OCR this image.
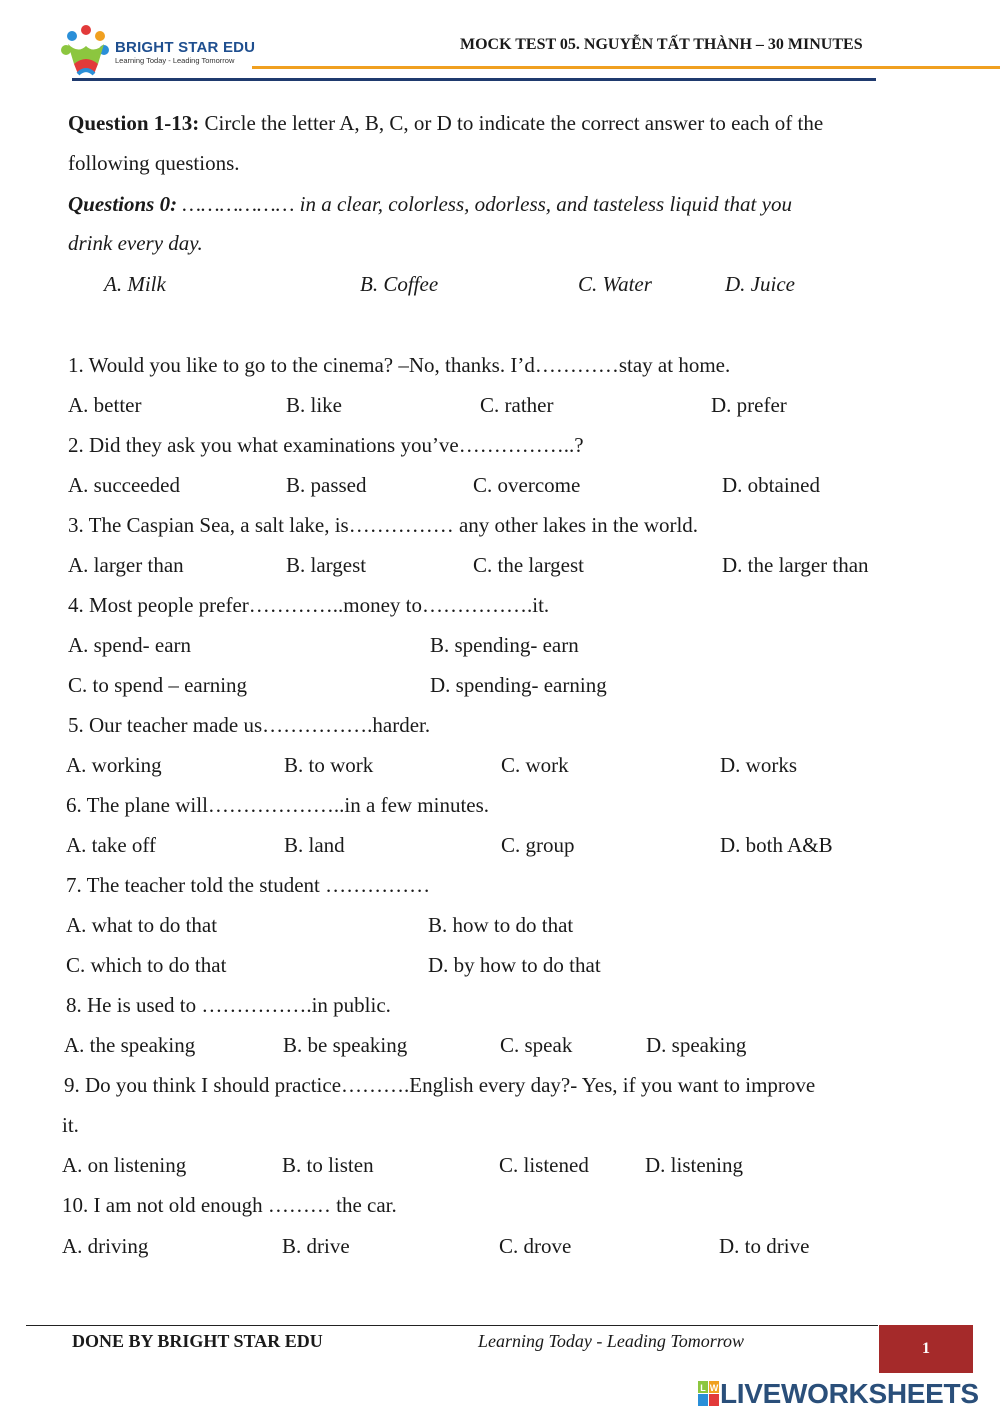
BRIGHT STAR EDU
Learning Today - Leading Tomorrow
MOCK TEST 05. NGUYỄN TẤT THÀNH – 30 MINUTES
Question 1-13: Circle the letter A, B, C, or D to indicate the correct answer to each of the
following questions.
Questions 0: ……………… in a clear, colorless, odorless, and tasteless liquid that you
drink every day.
A. Milk	B. Coffee	C. Water	D. Juice
1. Would you like to go to the cinema? –No, thanks. I’d…………stay at home.
A. better	B. like	C. rather	D. prefer
2. Did they ask you what examinations you’ve……………..?
A. succeeded	B. passed	C. overcome	D. obtained
3. The Caspian Sea, a salt lake, is…………… any other lakes in the world.
A. larger than	B. largest	C. the largest	D. the larger than
4. Most people prefer…………..money to…………….it.
A. spend- earn	B. spending- earn
C. to spend – earning	D. spending- earning
5. Our teacher made us…………….harder.
A. working	B. to work	C. work	D. works
6. The plane will………………..in a few minutes.
A. take off	B. land	C. group	D. both A&B
7. The teacher told the student ……………
A. what to do that	B. how to do that
C. which to do that	D. by how to do that
8. He is used to …………….in public.
A. the speaking	B. be speaking	C. speak	D. speaking
9. Do you think I should practice……….English every day?- Yes, if you want to improve
it.
A. on listening	B. to listen	C. listened	D. listening
10. I am not old enough ……… the car.
A. driving	B. drive	C. drove	D. to drive
DONE BY BRIGHT STAR EDU	Learning Today - Leading Tomorrow	1
L W LIVEWORKSHEETS
